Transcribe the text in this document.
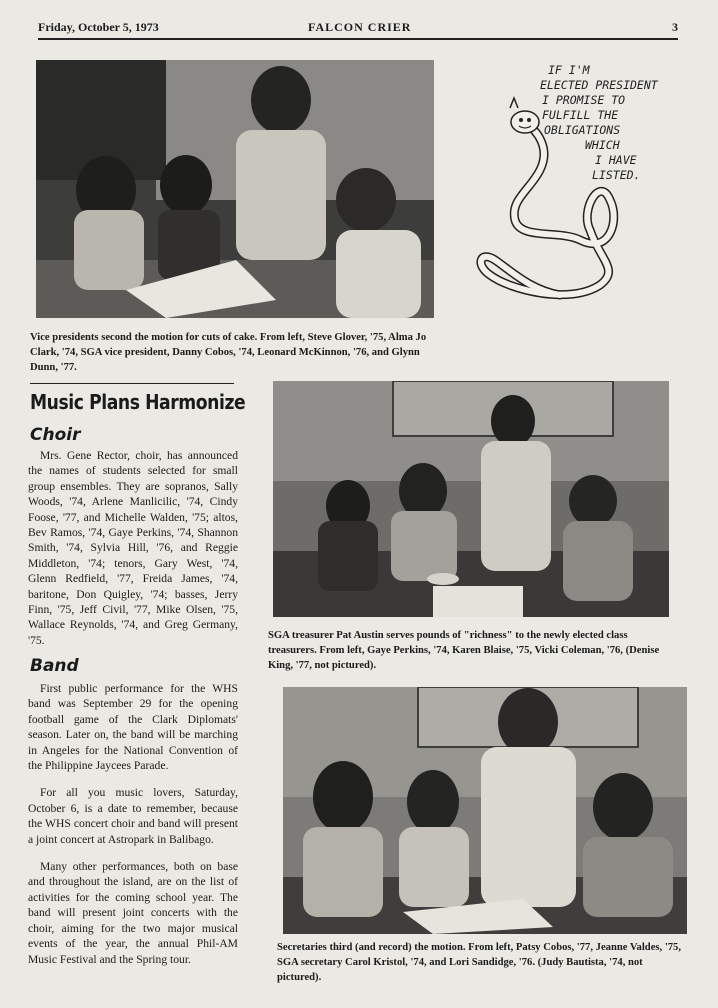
Friday, October 5, 1973	FALCON CRIER	3
IF I'M
ELECTED PRESIDENT
I PROMISE TO
FULFILL THE
OBLIGATIONS
WHICH
I HAVE
LISTED.
Vice presidents second the motion for cuts of cake. From left, Steve Glover, '75, Alma Jo Clark, '74, SGA vice president, Danny Cobos, '74, Leonard McKinnon, '76, and Glynn Dunn, '77.
Music Plans Harmonize
Choir

Mrs. Gene Rector, choir, has announced the names of students selected for small group ensembles. They are sopranos, Sally Woods, '74, Arlene Manlicilic, '74, Cindy Foose, '77, and Michelle Walden, '75; altos, Bev Ramos, '74, Gaye Perkins, '74, Shannon Smith, '74, Sylvia Hill, '76, and Reggie Middleton, '74; tenors, Gary West, '74, Glenn Redfield, '77, Freida James, '74, baritone, Don Quigley, '74; basses, Jerry Finn, '75, Jeff Civil, '77, Mike Olsen, '75, Wallace Reynolds, '74, and Greg Germany, '75.

Band

First public performance for the WHS band was September 29 for the opening football game of the Clark Diplomats' season. Later on, the band will be marching in Angeles for the National Convention of the Philippine Jaycees Parade.

For all you music lovers, Saturday, October 6, is a date to remember, because the WHS concert choir and band will present a joint concert at Astropark in Balibago.

Many other performances, both on base and throughout the island, are on the list of activities for the coming school year. The band will present joint concerts with the choir, aiming for the two major musical events of the year, the annual Phil-AM Music Festival and the Spring tour.

SGA treasurer Pat Austin serves pounds of "richness" to the newly elected class treasurers. From left, Gaye Perkins, '74, Karen Blaise, '75, Vicki Coleman, '76, (Denise King, '77, not pictured).
Secretaries third (and record) the motion. From left, Patsy Cobos, '77, Jeanne Valdes, '75, SGA secretary Carol Kristol, '74, and Lori Sandidge, '76. (Judy Bautista, '74, not pictured).
